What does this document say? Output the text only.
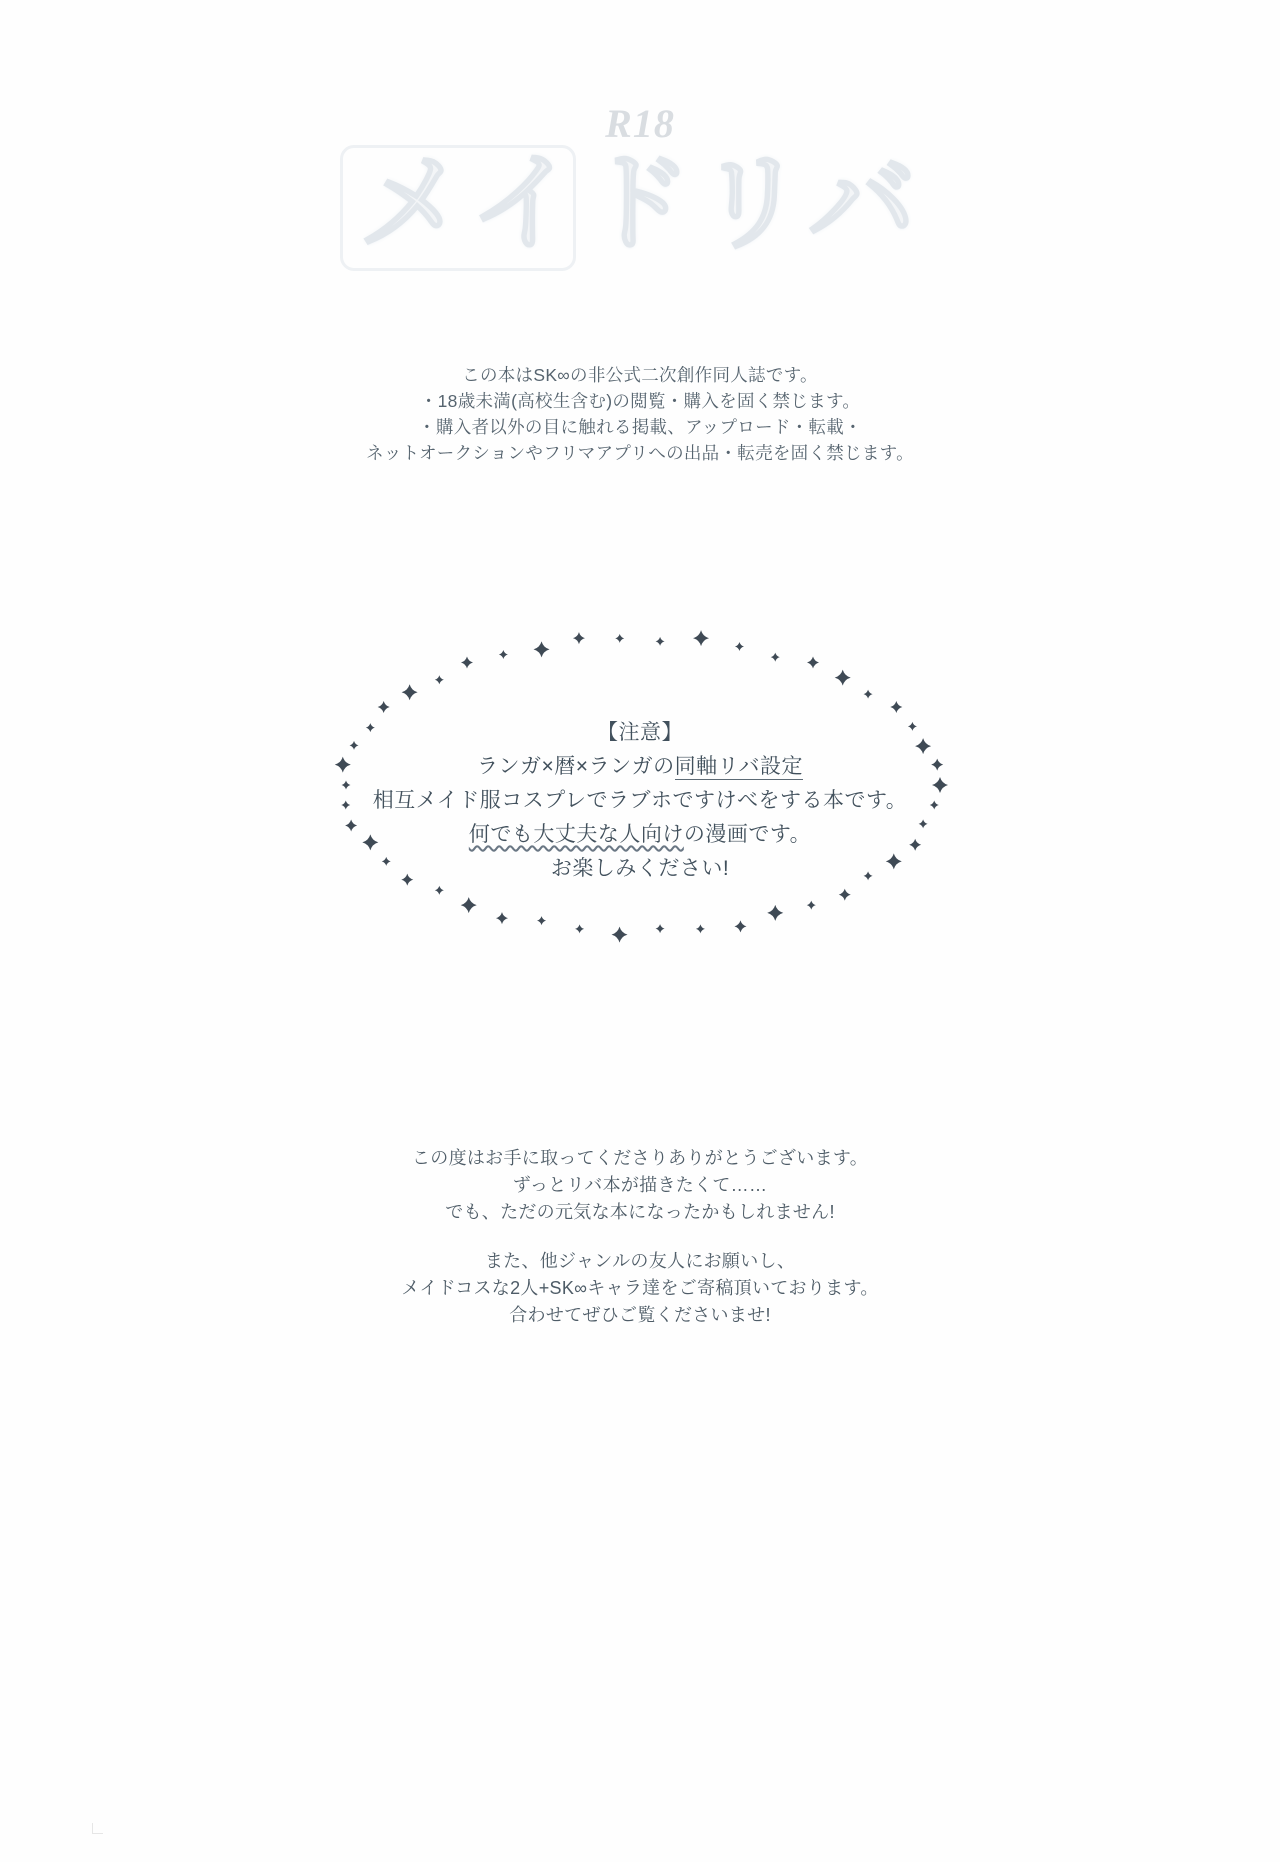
R18
メイドリバ
この本はSK∞の非公式二次創作同人誌です。
・18歳未満(高校生含む)の閲覧・購入を固く禁じます。
・購入者以外の目に触れる掲載、アップロード・転載・
ネットオークションやフリマアプリへの出品・転売を固く禁じます。
【注意】
ランガ×暦×ランガの同軸リバ設定
相互メイド服コスプレでラブホですけべをする本です。
何でも大丈夫な人向けの漫画です。
お楽しみください!
この度はお手に取ってくださりありがとうございます。
ずっとリバ本が描きたくて……
でも、ただの元気な本になったかもしれません!
また、他ジャンルの友人にお願いし、
メイドコスな2人+SK∞キャラ達をご寄稿頂いております。
合わせてぜひご覧くださいませ!
